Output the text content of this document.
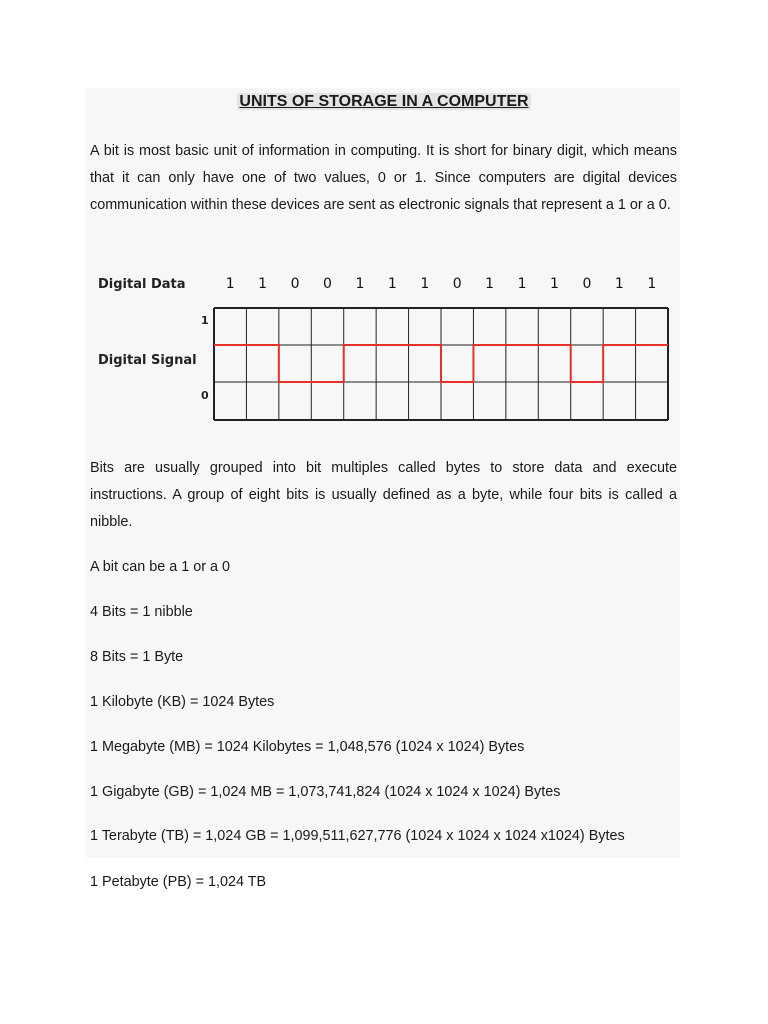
UNITS OF STORAGE IN A COMPUTER

A bit is most basic unit of information in computing. It is short for binary digit, which means that it can only have one of two values, 0 or 1. Since computers are digital devices communication within these devices are sent as electronic signals that represent a 1 or a 0.

1 1 0 0 1 1 1 0 1 1 1 0 1 1
Digital Data
Digital Signal
1
0

Bits are usually grouped into bit multiples called bytes to store data and execute instructions. A group of eight bits is usually defined as a byte, while four bits is called a nibble.

A bit can be a 1 or a 0

4 Bits = 1 nibble

8 Bits = 1 Byte

1 Kilobyte (KB) = 1024 Bytes

1 Megabyte (MB) = 1024 Kilobytes = 1,048,576 (1024 x 1024) Bytes

1 Gigabyte (GB) = 1,024 MB = 1,073,741,824 (1024 x 1024 x 1024) Bytes

1 Terabyte (TB) = 1,024 GB = 1,099,511,627,776 (1024 x 1024 x 1024 x1024) Bytes

1 Petabyte (PB) = 1,024 TB
